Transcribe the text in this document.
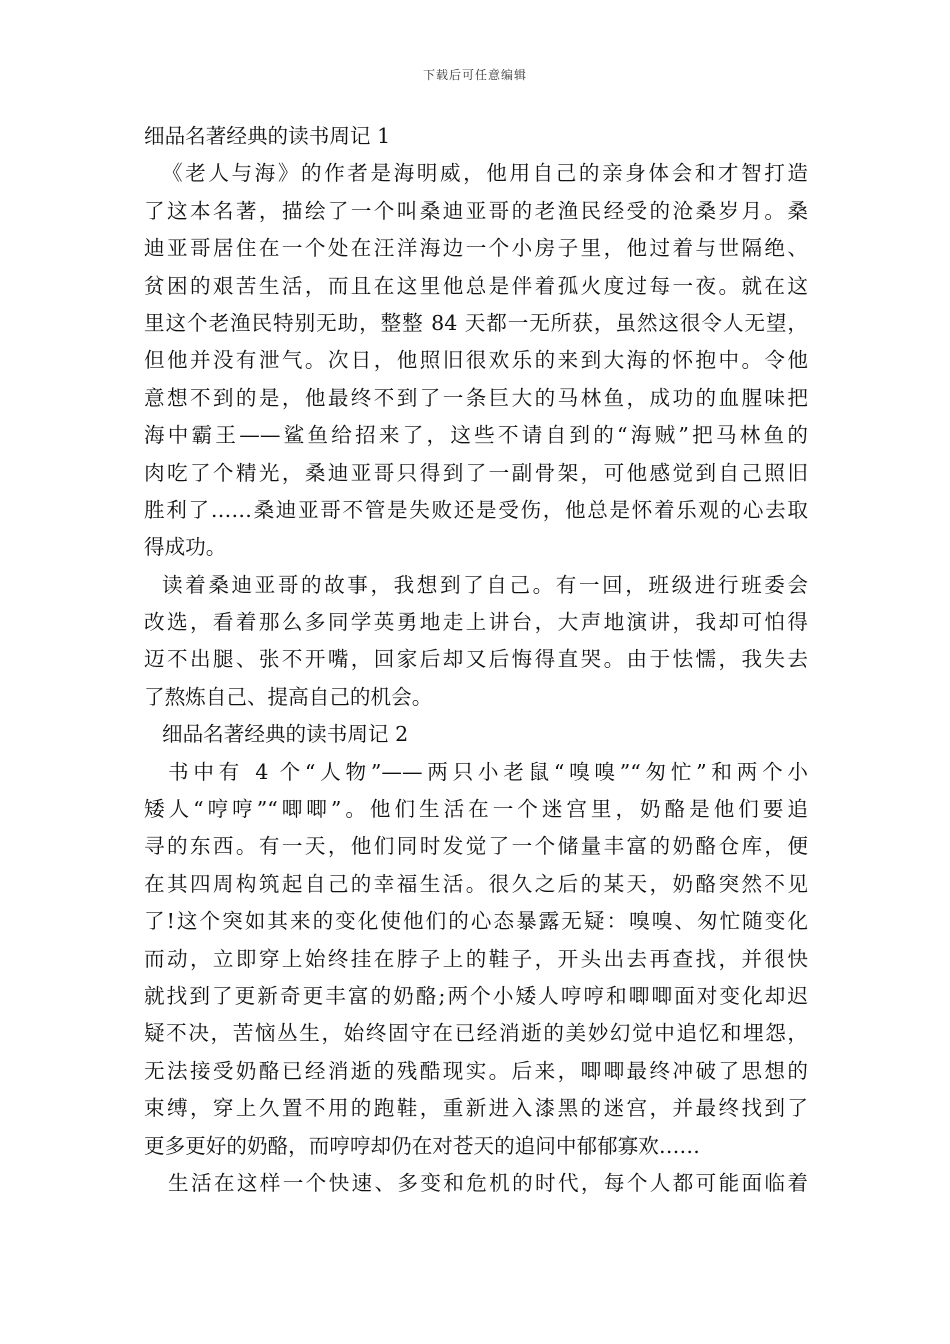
下载后可任意编辑
细品名著经典的读书周记 1
《老人与海》的作者是海明威，他用自己的亲身体会和才智打造
了这本名著，描绘了一个叫桑迪亚哥的老渔民经受的沧桑岁月。桑
迪亚哥居住在一个处在汪洋海边一个小房子里，他过着与世隔绝、
贫困的艰苦生活，而且在这里他总是伴着孤火度过每一夜。就在这
里这个老渔民特别无助，整整 84 天都一无所获，虽然这很令人无望，
但他并没有泄气。次日，他照旧很欢乐的来到大海的怀抱中。令他
意想不到的是，他最终不到了一条巨大的马林鱼，成功的血腥味把
海中霸王——鲨鱼给招来了，这些不请自到的“海贼”把马林鱼的
肉吃了个精光，桑迪亚哥只得到了一副骨架，可他感觉到自己照旧
胜利了……桑迪亚哥不管是失败还是受伤，他总是怀着乐观的心去取
得成功。
读着桑迪亚哥的故事，我想到了自己。有一回，班级进行班委会
改选，看着那么多同学英勇地走上讲台，大声地演讲，我却可怕得
迈不出腿、张不开嘴，回家后却又后悔得直哭。由于怯懦，我失去
了熬炼自己、提高自己的机会。
细品名著经典的读书周记 2
书中有 4 个“人物”——两只小老鼠“嗅嗅”“匆忙”和两个小
矮人“哼哼”“唧唧”。他们生活在一个迷宫里，奶酪是他们要追
寻的东西。有一天，他们同时发觉了一个储量丰富的奶酪仓库，便
在其四周构筑起自己的幸福生活。很久之后的某天，奶酪突然不见
了!这个突如其来的变化使他们的心态暴露无疑：嗅嗅、匆忙随变化
而动，立即穿上始终挂在脖子上的鞋子，开头出去再查找，并很快
就找到了更新奇更丰富的奶酪;两个小矮人哼哼和唧唧面对变化却迟
疑不决，苦恼丛生，始终固守在已经消逝的美妙幻觉中追忆和埋怨，
无法接受奶酪已经消逝的残酷现实。后来，唧唧最终冲破了思想的
束缚，穿上久置不用的跑鞋，重新进入漆黑的迷宫，并最终找到了
更多更好的奶酪，而哼哼却仍在对苍天的追问中郁郁寡欢……
生活在这样一个快速、多变和危机的时代，每个人都可能面临着
